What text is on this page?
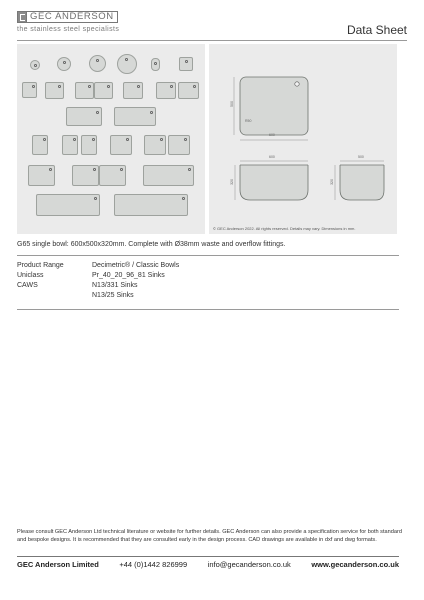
GEC ANDERSON
the stainless steel specialists	Data Sheet
600
500
R50
600
320
500
320
© GEC Anderson 2022. All rights reserved. Details may vary. Dimensions in mm.
G65 single bowl: 600x500x320mm. Complete with Ø38mm waste and overflow fittings.
Product Range	Decimetric® / Classic Bowls
Uniclass	Pr_40_20_96_81 Sinks
CAWS	N13/331 Sinks
N13/25 Sinks
Please consult GEC Anderson Ltd technical literature or website for further details. GEC Anderson can also provide a specification service for both standard and bespoke designs. It is recommended that they are consulted early in the design process. CAD drawings are available in dxf and dwg formats.
GEC Anderson Limited	+44 (0)1442 826999	info@gecanderson.co.uk	www.gecanderson.co.uk
